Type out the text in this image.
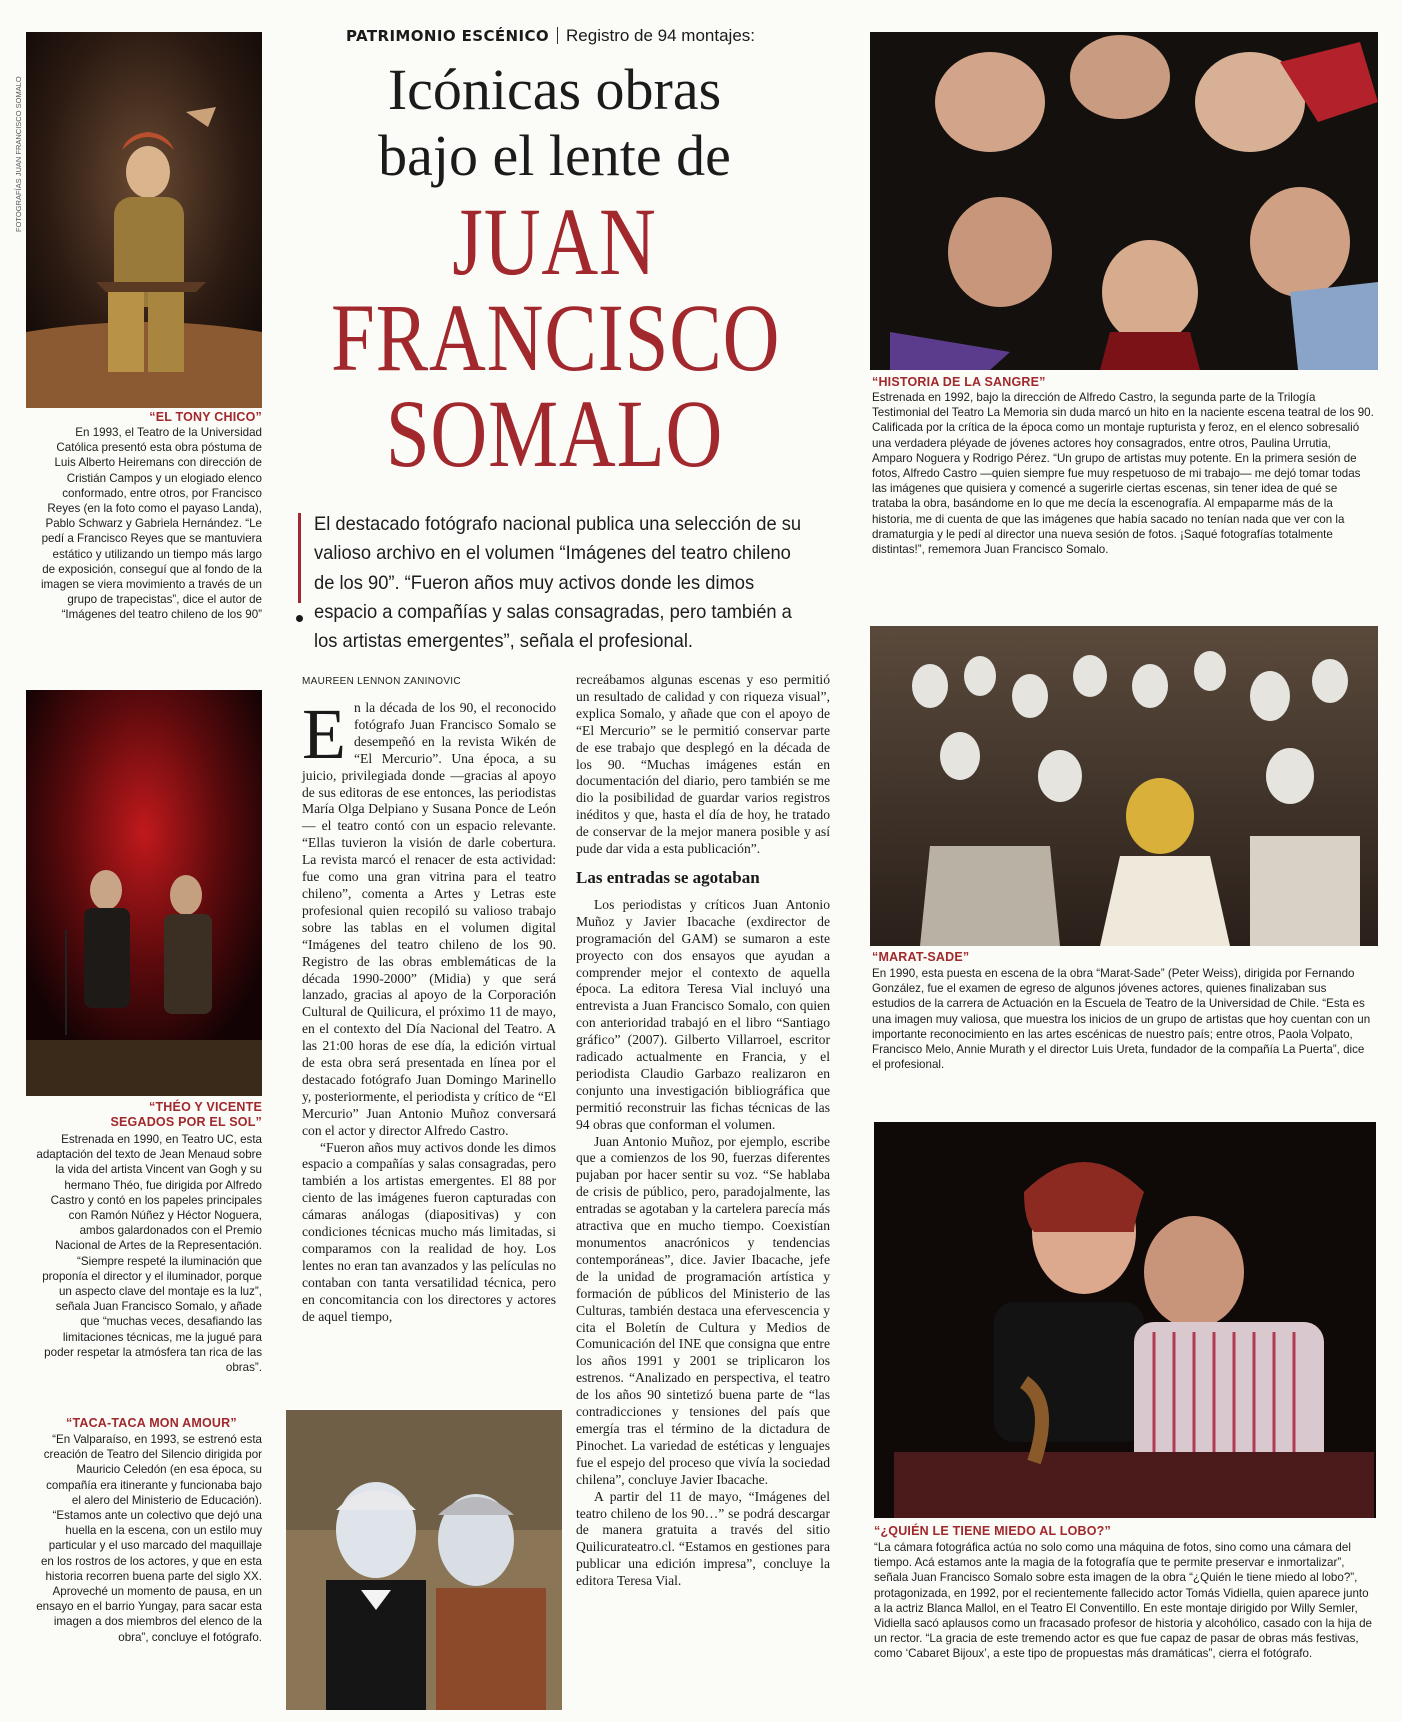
FOTOGRAFÍAS JUAN FRANCISCO SOMALO
“EL TONY CHICO”
En 1993, el Teatro de la Universidad Católica presentó esta obra póstuma de Luis Alberto Heiremans con dirección de Cristián Campos y un elogiado elenco conformado, entre otros, por Francisco Reyes (en la foto como el payaso Landa), Pablo Schwarz y Gabriela Hernández. “Le pedí a Francisco Reyes que se mantuviera estático y utilizando un tiempo más largo de exposición, conseguí que al fondo de la imagen se viera movimiento a través de un grupo de trapecistas”, dice el autor de “Imágenes del teatro chileno de los 90”
“THÉO Y VICENTE
SEGADOS POR EL SOL”
Estrenada en 1990, en Teatro UC, esta adaptación del texto de Jean Menaud sobre la vida del artista Vincent van Gogh y su hermano Théo, fue dirigida por Alfredo Castro y contó en los papeles principales con Ramón Núñez y Héctor Noguera, ambos galardonados con el Premio Nacional de Artes de la Representación. “Siempre respeté la iluminación que proponía el director y el iluminador, porque un aspecto clave del montaje es la luz”, señala Juan Francisco Somalo, y añade que “muchas veces, desafiando las limitaciones técnicas, me la jugué para poder respetar la atmósfera tan rica de las obras”.
“TACA-TACA MON AMOUR”
“En Valparaíso, en 1993, se estrenó esta creación de Teatro del Silencio dirigida por Mauricio Celedón (en esa época, su compañía era itinerante y funcionaba bajo el alero del Ministerio de Educación). “Estamos ante un colectivo que dejó una huella en la escena, con un estilo muy particular y el uso marcado del maquillaje en los rostros de los actores, y que en esta historia recorren buena parte del siglo XX. Aproveché un momento de pausa, en un ensayo en el barrio Yungay, para sacar esta imagen a dos miembros del elenco de la obra”, concluye el fotógrafo.
PATRIMONIO ESCÉNICO Registro de 94 montajes:
Icónicas obras
bajo el lente de
JUAN
FRANCISCO
SOMALO
El destacado fotógrafo nacional publica una selección de su valioso archivo en el volumen “Imágenes del teatro chileno de los 90”. “Fueron años muy activos donde les dimos espacio a compañías y salas consagradas, pero también a los artistas emergentes”, señala el profesional.
MAUREEN LENNON ZANINOVIC
E n la década de los 90, el reconocido fotógrafo Juan Francisco Somalo se desempeñó en la revista Wikén de “El Mercurio”. Una época, a su juicio, privilegiada donde —gracias al apoyo de sus editoras de ese entonces, las periodistas María Olga Delpiano y Susana Ponce de León— el teatro contó con un espacio relevante. “Ellas tuvieron la visión de darle cobertura. La revista marcó el renacer de esta actividad: fue como una gran vitrina para el teatro chileno”, comenta a Artes y Letras este profesional quien recopiló su valioso trabajo sobre las tablas en el volumen digital “Imágenes del teatro chileno de los 90. Registro de las obras emblemáticas de la década 1990-2000” (Midia) y que será lanzado, gracias al apoyo de la Corporación Cultural de Quilicura, el próximo 11 de mayo, en el contexto del Día Nacional del Teatro. A las 21:00 horas de ese día, la edición virtual de esta obra será presentada en línea por el destacado fotógrafo Juan Domingo Marinello y, posteriormente, el periodista y crítico de “El Mercurio” Juan Antonio Muñoz conversará con el actor y director Alfredo Castro.

“Fueron años muy activos donde les dimos espacio a compañías y salas consagradas, pero también a los artistas emergentes. El 88 por ciento de las imágenes fueron capturadas con cámaras análogas (diapositivas) y con condiciones técnicas mucho más limitadas, si comparamos con la realidad de hoy. Los lentes no eran tan avanzados y las películas no contaban con tanta versatilidad técnica, pero en concomitancia con los directores y actores de aquel tiempo,

recreábamos algunas escenas y eso permitió un resultado de calidad y con riqueza visual”, explica Somalo, y añade que con el apoyo de “El Mercurio” se le permitió conservar parte de ese trabajo que desplegó en la década de los 90. “Muchas imágenes están en documentación del diario, pero también se me dio la posibilidad de guardar varios registros inéditos y que, hasta el día de hoy, he tratado de conservar de la mejor manera posible y así pude dar vida a esta publicación”.

Las entradas se agotaban

Los periodistas y críticos Juan Antonio Muñoz y Javier Ibacache (exdirector de programación del GAM) se sumaron a este proyecto con dos ensayos que ayudan a comprender mejor el contexto de aquella época. La editora Teresa Vial incluyó una entrevista a Juan Francisco Somalo, con quien con anterioridad trabajó en el libro “Santiago gráfico” (2007). Gilberto Villarroel, escritor radicado actualmente en Francia, y el periodista Claudio Garbazo realizaron en conjunto una investigación bibliográfica que permitió reconstruir las fichas técnicas de las 94 obras que conforman el volumen.

Juan Antonio Muñoz, por ejemplo, escribe que a comienzos de los 90, fuerzas diferentes pujaban por hacer sentir su voz. “Se hablaba de crisis de público, pero, paradojalmente, las entradas se agotaban y la cartelera parecía más atractiva que en mucho tiempo. Coexistían monumentos anacrónicos y tendencias contemporáneas”, dice. Javier Ibacache, jefe de la unidad de programación artística y formación de públicos del Ministerio de las Culturas, también destaca una efervescencia y cita el Boletín de Cultura y Medios de Comunicación del INE que consigna que entre los años 1991 y 2001 se triplicaron los estrenos. “Analizado en perspectiva, el teatro de los años 90 sintetizó buena parte de “las contradicciones y tensiones del país que emergía tras el término de la dictadura de Pinochet. La variedad de estéticas y lenguajes fue el espejo del proceso que vivía la sociedad chilena”, concluye Javier Ibacache.

A partir del 11 de mayo, “Imágenes del teatro chileno de los 90…” se podrá descargar de manera gratuita a través del sitio Quilicurateatro.cl. “Estamos en gestiones para publicar una edición impresa”, concluye la editora Teresa Vial.

“HISTORIA DE LA SANGRE”
Estrenada en 1992, bajo la dirección de Alfredo Castro, la segunda parte de la Trilogía Testimonial del Teatro La Memoria sin duda marcó un hito en la naciente escena teatral de los 90. Calificada por la crítica de la época como un montaje rupturista y feroz, en el elenco sobresalió una verdadera pléyade de jóvenes actores hoy consagrados, entre otros, Paulina Urrutia, Amparo Noguera y Rodrigo Pérez. “Un grupo de artistas muy potente. En la primera sesión de fotos, Alfredo Castro —quien siempre fue muy respetuoso de mi trabajo— me dejó tomar todas las imágenes que quisiera y comencé a sugerirle ciertas escenas, sin tener idea de qué se trataba la obra, basándome en lo que me decía la escenografía. Al empaparme más de la historia, me di cuenta de que las imágenes que había sacado no tenían nada que ver con la dramaturgia y le pedí al director una nueva sesión de fotos. ¡Saqué fotografías totalmente distintas!”, rememora Juan Francisco Somalo.
“MARAT-SADE”
En 1990, esta puesta en escena de la obra “Marat-Sade” (Peter Weiss), dirigida por Fernando González, fue el examen de egreso de algunos jóvenes actores, quienes finalizaban sus estudios de la carrera de Actuación en la Escuela de Teatro de la Universidad de Chile. “Esta es una imagen muy valiosa, que muestra los inicios de un grupo de artistas que hoy cuentan con un importante reconocimiento en las artes escénicas de nuestro país; entre otros, Paola Volpato, Francisco Melo, Annie Murath y el director Luis Ureta, fundador de la compañía La Puerta”, dice el profesional.
“¿QUIÉN LE TIENE MIEDO AL LOBO?”
“La cámara fotográfica actúa no solo como una máquina de fotos, sino como una cámara del tiempo. Acá estamos ante la magia de la fotografía que te permite preservar e inmortalizar”, señala Juan Francisco Somalo sobre esta imagen de la obra “¿Quién le tiene miedo al lobo?”, protagonizada, en 1992, por el recientemente fallecido actor Tomás Vidiella, quien aparece junto a la actriz Blanca Mallol, en el Teatro El Conventillo. En este montaje dirigido por Willy Semler, Vidiella sacó aplausos como un fracasado profesor de historia y alcohólico, casado con la hija de un rector. “La gracia de este tremendo actor es que fue capaz de pasar de obras más festivas, como ‘Cabaret Bijoux’, a este tipo de propuestas más dramáticas”, cierra el fotógrafo.
